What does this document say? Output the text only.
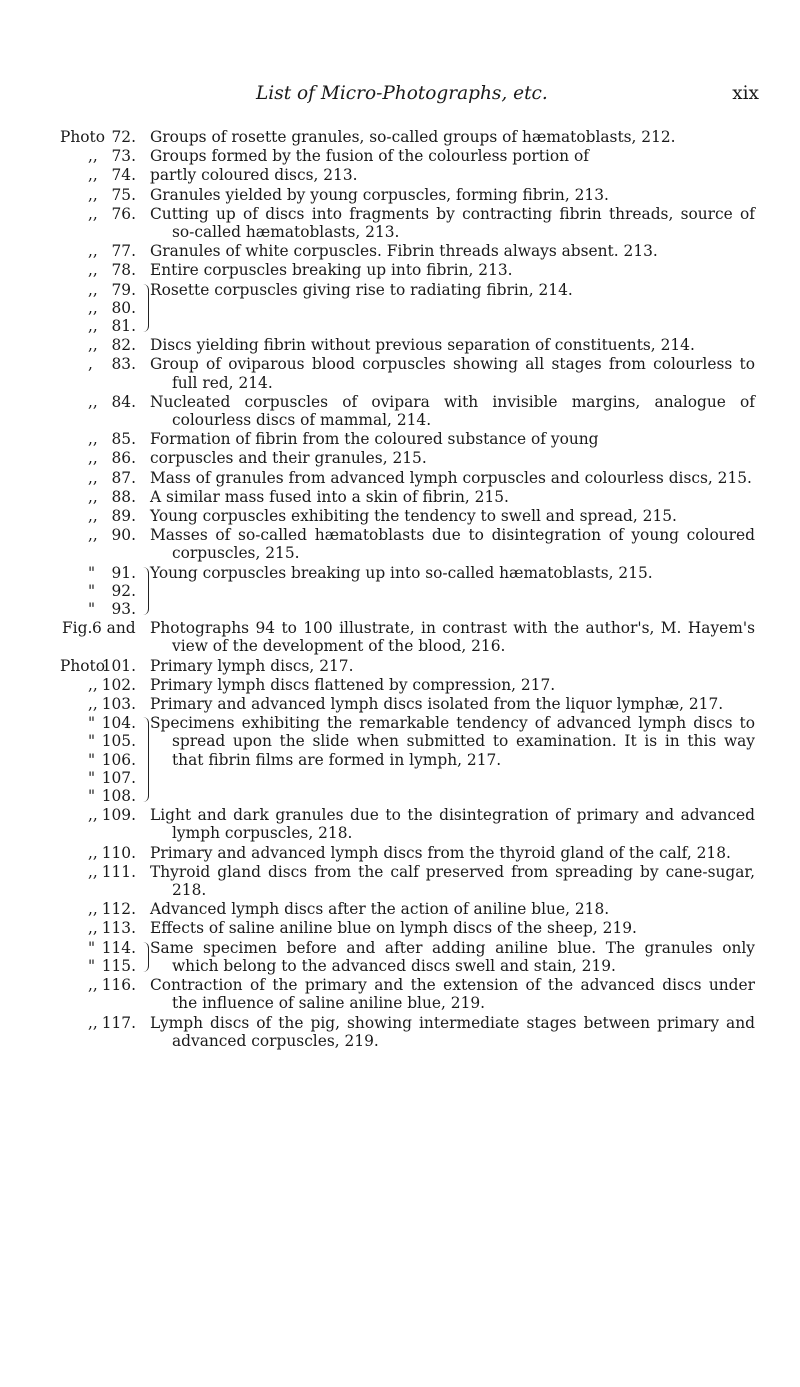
List of Micro-Photographs, etc.	xix
Photo 72. Groups of rosette granules, so-called groups of hæmatoblasts, 212.
,, 73. Groups formed by the fusion of the colourless portion of
,, 74. partly coloured discs, 213.
,, 75. Granules yielded by young corpuscles, forming fibrin, 213.
,, 76. Cutting up of discs into fragments by contracting fibrin threads, source of so-called hæmatoblasts, 213.
,, 77. Granules of white corpuscles. Fibrin threads always absent. 213.
,, 78. Entire corpuscles breaking up into fibrin, 213.
,,
,,
,,
79.
80.
81.
Rosette corpuscles giving rise to radiating fibrin, 214.
,, 82. Discs yielding fibrin without previous separation of constituents, 214.
,	83. Group of oviparous blood corpuscles showing all stages from colourless to full red, 214.
,, 84. Nucleated corpuscles of ovipara with invisible margins, analogue of colourless discs of mammal, 214.
,, 85. Formation of fibrin from the coloured substance of young
,, 86. corpuscles and their granules, 215.
,, 87. Mass of granules from advanced lymph corpuscles and colourless discs, 215.
,, 88. A similar mass fused into a skin of fibrin, 215.
,, 89. Young corpuscles exhibiting the tendency to swell and spread, 215.
,, 90. Masses of so-called hæmatoblasts due to disintegration of young coloured corpuscles, 215.
"
"
"
91.
92.
93.
Young corpuscles breaking up into so-called hæmatoblasts, 215.
Fig. 6 and Photographs 94 to 100 illustrate, in contrast with the author's, M. Hayem's view of the development of the blood, 216.
Photo
101. Primary lymph discs, 217.
,, 102. Primary lymph discs flattened by compression, 217.
,, 103. Primary and advanced lymph discs isolated from the liquor lymphæ, 217.
"
"
"
"
"
104.
105.
106.
107.
108.
Specimens exhibiting the remarkable tendency of advanced lymph discs to spread upon the slide when submitted to examination. It is in this way that fibrin films are formed in lymph, 217.
,, 109. Light and dark granules due to the disintegration of primary and advanced lymph corpuscles, 218.
,, 110. Primary and advanced lymph discs from the thyroid gland of the calf, 218.
,, 111. Thyroid gland discs from the calf preserved from spreading by cane-sugar, 218.
,, 112. Advanced lymph discs after the action of aniline blue, 218.
,, 113. Effects of saline aniline blue on lymph discs of the sheep, 219.
"
"
114.
115.
Same specimen before and after adding aniline blue. The granules only which belong to the advanced discs swell and stain, 219.
,, 116. Contraction of the primary and the extension of the advanced discs under the influence of saline aniline blue, 219.
,, 117. Lymph discs of the pig, showing intermediate stages between primary and advanced corpuscles, 219.
